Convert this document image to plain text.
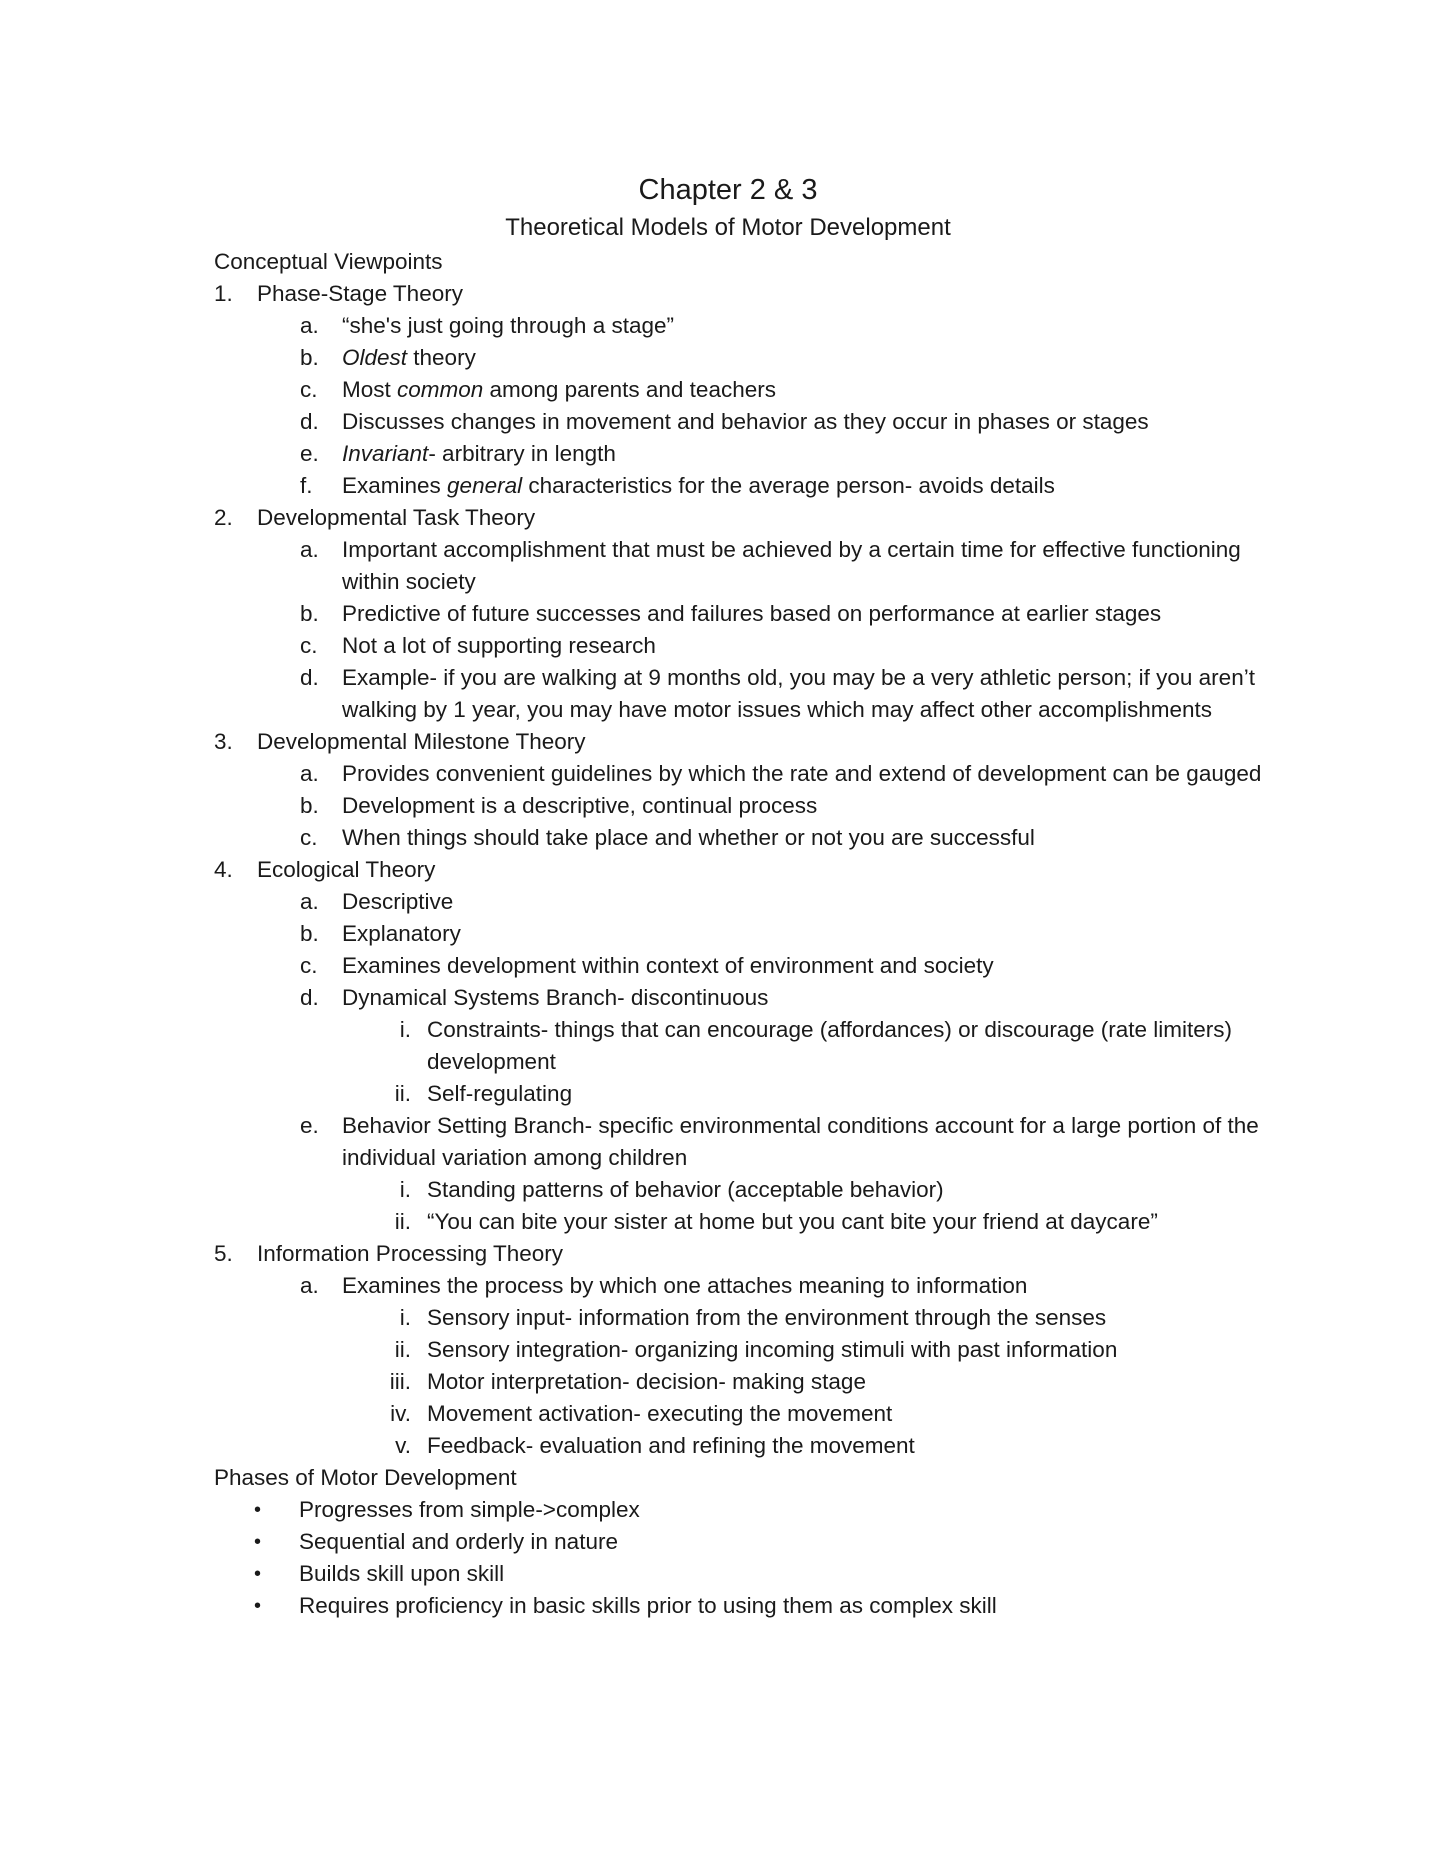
Chapter 2 & 3
Theoretical Models of Motor Development
Conceptual Viewpoints
1.	Phase-Stage Theory
a.	“she's just going through a stage”
b.	Oldest theory
c.	Most common among parents and teachers
d.	Discusses changes in movement and behavior as they occur in phases or stages
e.	Invariant- arbitrary in length
f.	Examines general characteristics for the average person- avoids details
2.	Developmental Task Theory
a.	Important accomplishment that must be achieved by a certain time for effective functioning within society
b.	Predictive of future successes and failures based on performance at earlier stages
c.	Not a lot of supporting research
d.	Example- if you are walking at 9 months old, you may be a very athletic person; if you aren’t walking by 1 year, you may have motor issues which may affect other accomplishments
3.	Developmental Milestone Theory
a.	Provides convenient guidelines by which the rate and extend of development can be gauged
b.	Development is a descriptive, continual process
c.	When things should take place and whether or not you are successful
4.	Ecological Theory
a.	Descriptive
b.	Explanatory
c.	Examines development within context of environment and society
d.	Dynamical Systems Branch- discontinuous
i. Constraints- things that can encourage (affordances) or discourage (rate limiters) development
ii. Self-regulating
e.	Behavior Setting Branch- specific environmental conditions account for a large portion of the individual variation among children
i. Standing patterns of behavior (acceptable behavior)
ii. “You can bite your sister at home but you cant bite your friend at daycare”
5.	Information Processing Theory
a.	Examines the process by which one attaches meaning to information
i. Sensory input- information from the environment through the senses
ii. Sensory integration- organizing incoming stimuli with past information
iii. Motor interpretation- decision- making stage
iv. Movement activation- executing the movement
v. Feedback- evaluation and refining the movement
Phases of Motor Development
•	Progresses from simple->complex
•	Sequential and orderly in nature
•	Builds skill upon skill
•	Requires proficiency in basic skills prior to using them as complex skill
